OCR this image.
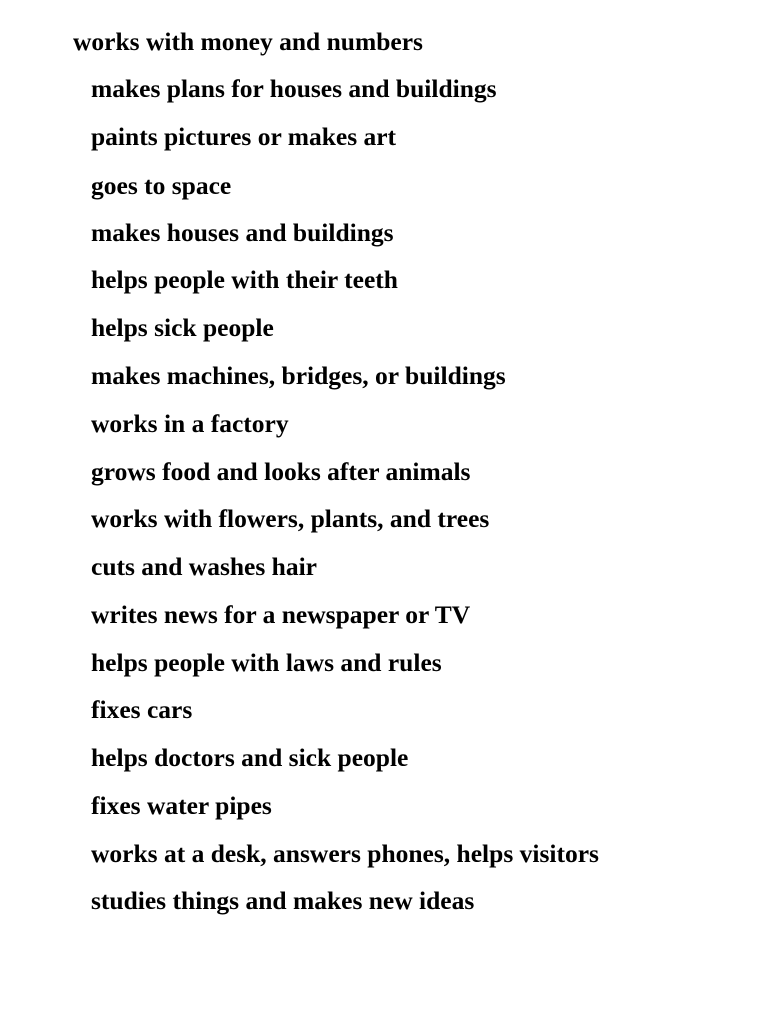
works with money and numbers

makes plans for houses and buildings

paints pictures or makes art

goes to space

makes houses and buildings

helps people with their teeth

helps sick people

makes machines, bridges, or buildings

works in a factory

grows food and looks after animals

works with flowers, plants, and trees

cuts and washes hair

writes news for a newspaper or TV

helps people with laws and rules

fixes cars

helps doctors and sick people

fixes water pipes

works at a desk, answers phones, helps visitors

studies things and makes new ideas
